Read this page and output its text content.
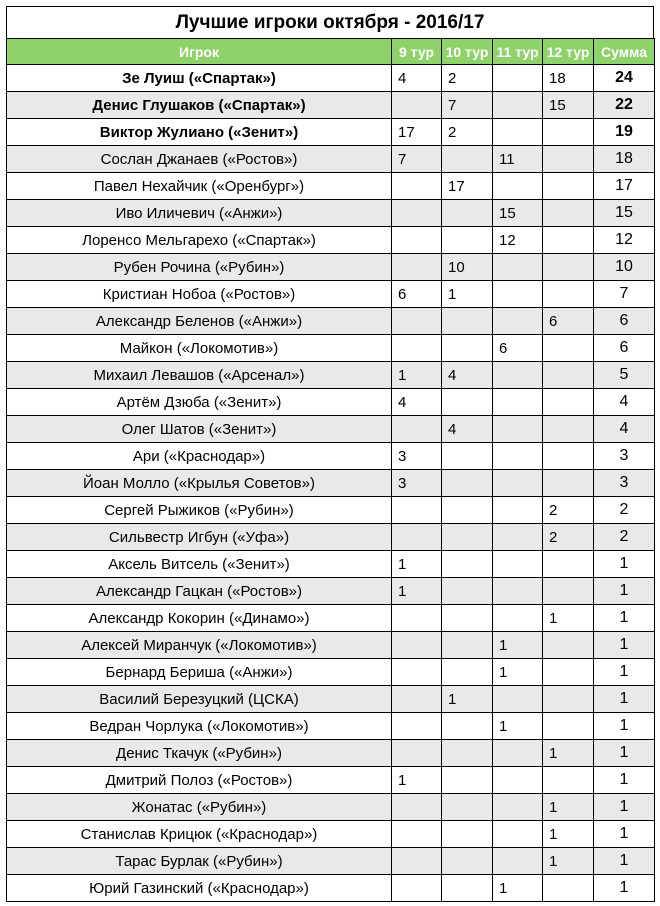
Лучшие игроки октября - 2016/17
Игрок	9 тур	10 тур	11 тур	12 тур	Сумма
Зе Луиш («Спартак»)	4	2		18	24
Денис Глушаков («Спартак»)		7		15	22
Виктор Жулиано («Зенит»)	17	2			19
Сослан Джанаев («Ростов»)	7		11		18
Павел Нехайчик («Оренбург»)		17			17
Иво Иличевич («Анжи»)			15		15
Лоренсо Мельгарехо («Спартак»)			12		12
Рубен Рочина («Рубин»)		10			10
Кристиан Нобоа («Ростов»)	6	1			7
Александр Беленов («Анжи»)				6	6
Майкон («Локомотив»)			6		6
Михаил Левашов («Арсенал»)	1	4			5
Артём Дзюба («Зенит»)	4				4
Олег Шатов («Зенит»)		4			4
Ари («Краснодар»)	3				3
Йоан Молло («Крылья Советов»)	3				3
Сергей Рыжиков («Рубин»)				2	2
Сильвестр Игбун («Уфа»)				2	2
Аксель Витсель («Зенит»)	1				1
Александр Гацкан («Ростов»)	1				1
Александр Кокорин («Динамо»)				1	1
Алексей Миранчук («Локомотив»)			1		1
Бернард Бериша («Анжи»)			1		1
Василий Березуцкий (ЦСКА)		1			1
Ведран Чорлука («Локомотив»)			1		1
Денис Ткачук («Рубин»)				1	1
Дмитрий Полоз («Ростов»)	1				1
Жонатас («Рубин»)				1	1
Станислав Крицюк («Краснодар»)				1	1
Тарас Бурлак («Рубин»)				1	1
Юрий Газинский («Краснодар»)			1		1
